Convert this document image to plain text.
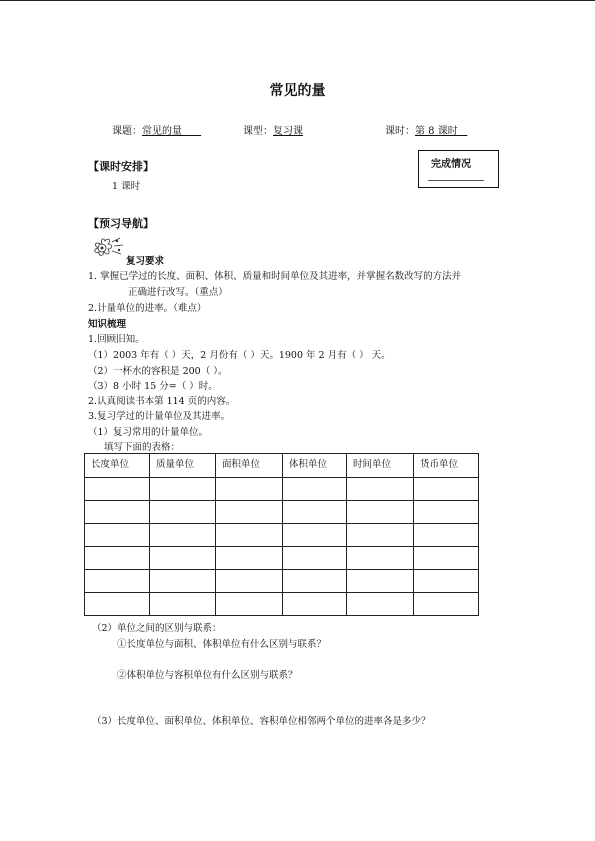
常见的量
课题：常见的量	课型：复习课	课时：第 8 课时
【课时安排】
1 课时
完成情况
【预习导航】
复习要求
1. 掌握已学过的长度、面积、体积、质量和时间单位及其进率，并掌握名数改写的方法并
正确进行改写。（重点）
2.计量单位的进率。（难点）
知识梳理
1.回顾旧知。
（1）2003 年有（ ）天，2 月份有（ ）天。1900 年 2 月有（ ） 天。
（2）一杯水的容积是 200（ ）。
（3）8 小时 15 分=（ ）时。
2.认真阅读书本第 114 页的内容。
3.复习学过的计量单位及其进率。
（1）复习常用的计量单位。
填写下面的表格：
长度单位	质量单位	面积单位	体积单位	时间单位	货币单位

（2）单位之间的区别与联系：
①长度单位与面积、体积单位有什么区别与联系？
②体积单位与容积单位有什么区别与联系？
（3）长度单位、面积单位、体积单位、容积单位相邻两个单位的进率各是多少？
